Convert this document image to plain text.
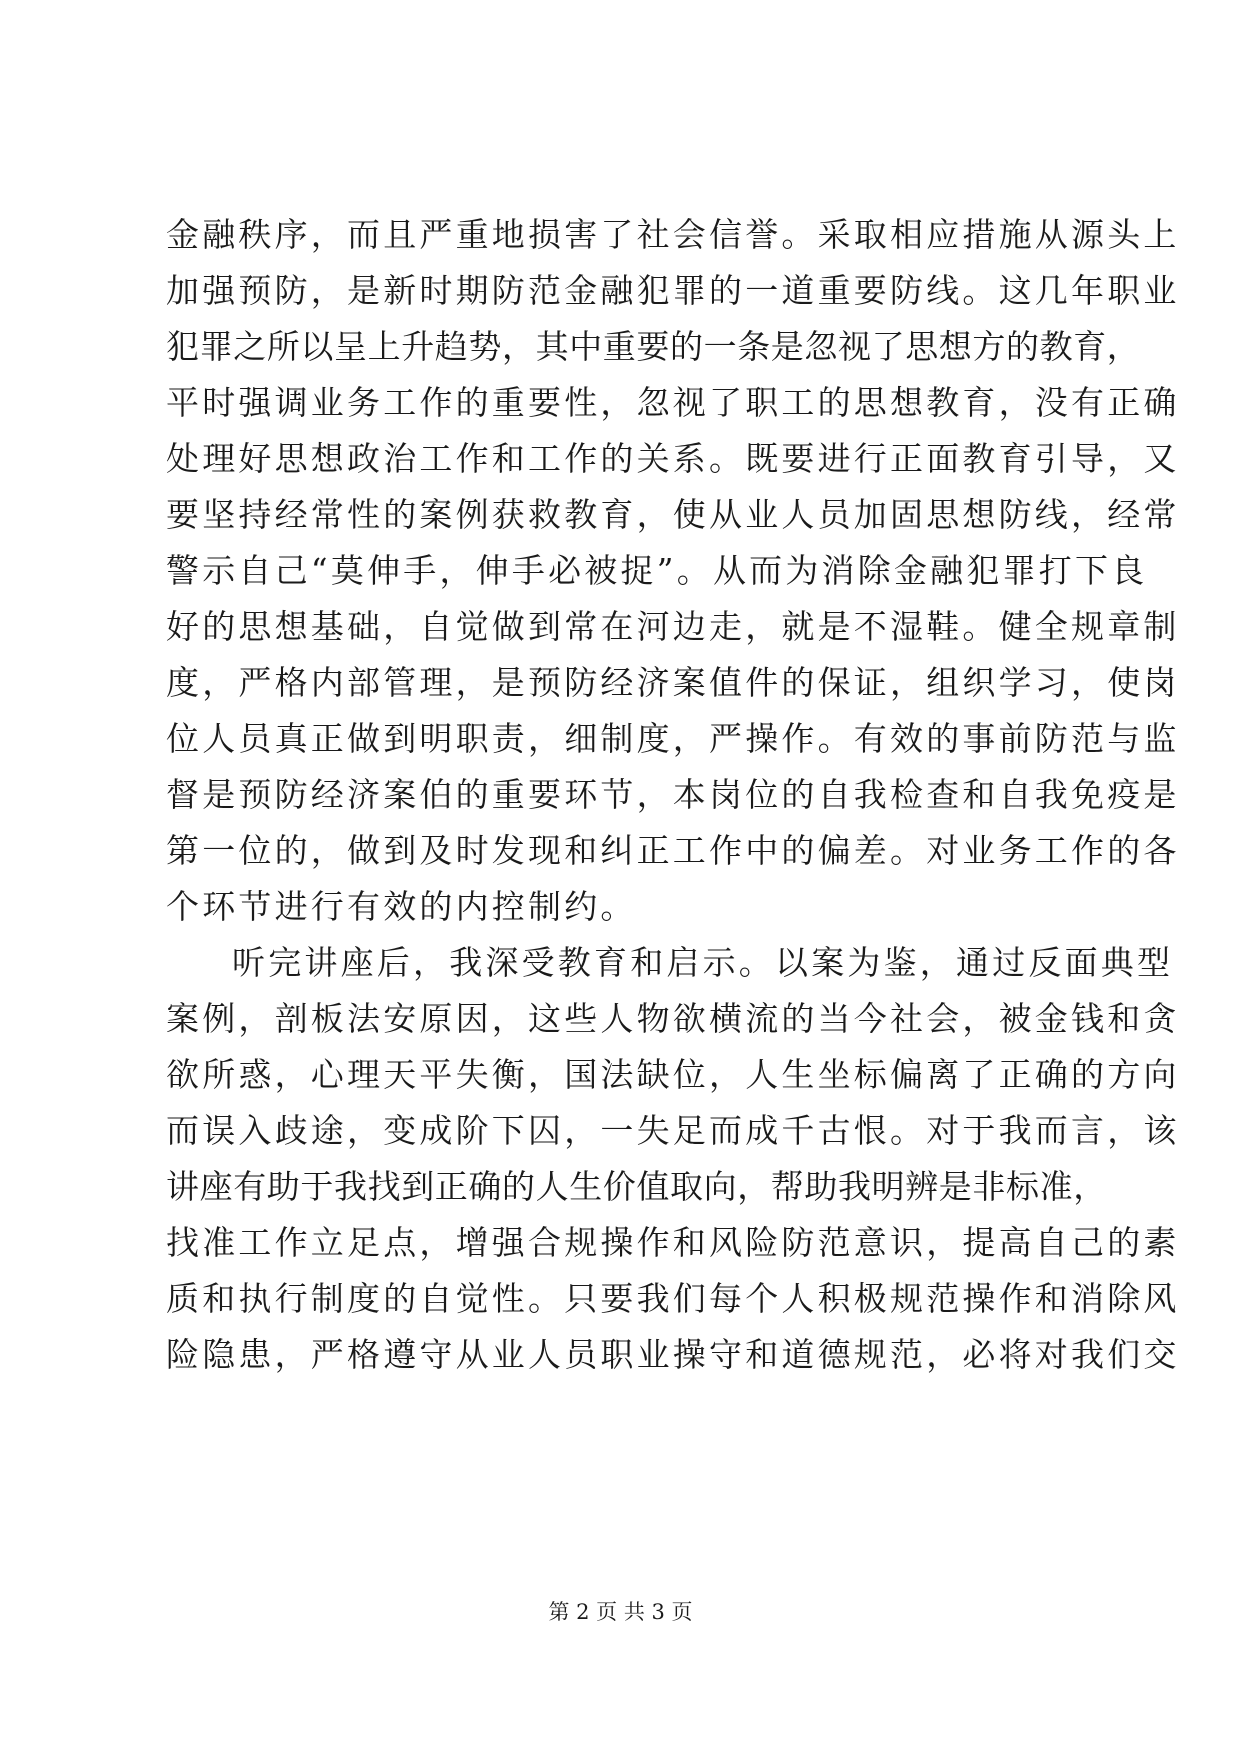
金融秩序，而且严重地损害了社会信誉。采取相应措施从源头上
加强预防，是新时期防范金融犯罪的一道重要防线。这几年职业
犯罪之所以呈上升趋势，其中重要的一条是忽视了思想方的教育，
平时强调业务工作的重要性，忽视了职工的思想教育，没有正确
处理好思想政治工作和工作的关系。既要进行正面教育引导，又
要坚持经常性的案例获救教育，使从业人员加固思想防线，经常
警示自己“莫伸手，伸手必被捉”。从而为消除金融犯罪打下良
好的思想基础，自觉做到常在河边走，就是不湿鞋。健全规章制
度，严格内部管理，是预防经济案值件的保证，组织学习，使岗
位人员真正做到明职责，细制度，严操作。有效的事前防范与监
督是预防经济案伯的重要环节，本岗位的自我检查和自我免疫是
第一位的，做到及时发现和纠正工作中的偏差。对业务工作的各
个环节进行有效的内控制约。
听完讲座后，我深受教育和启示。以案为鉴，通过反面典型
案例，剖板法安原因，这些人物欲横流的当今社会，被金钱和贪
欲所惑，心理天平失衡，国法缺位，人生坐标偏离了正确的方向
而误入歧途，变成阶下囚，一失足而成千古恨。对于我而言，该
讲座有助于我找到正确的人生价值取向，帮助我明辨是非标准，
找准工作立足点，增强合规操作和风险防范意识，提高自己的素
质和执行制度的自觉性。只要我们每个人积极规范操作和消除风
险隐患，严格遵守从业人员职业操守和道德规范，必将对我们交
第 2 页 共 3 页
